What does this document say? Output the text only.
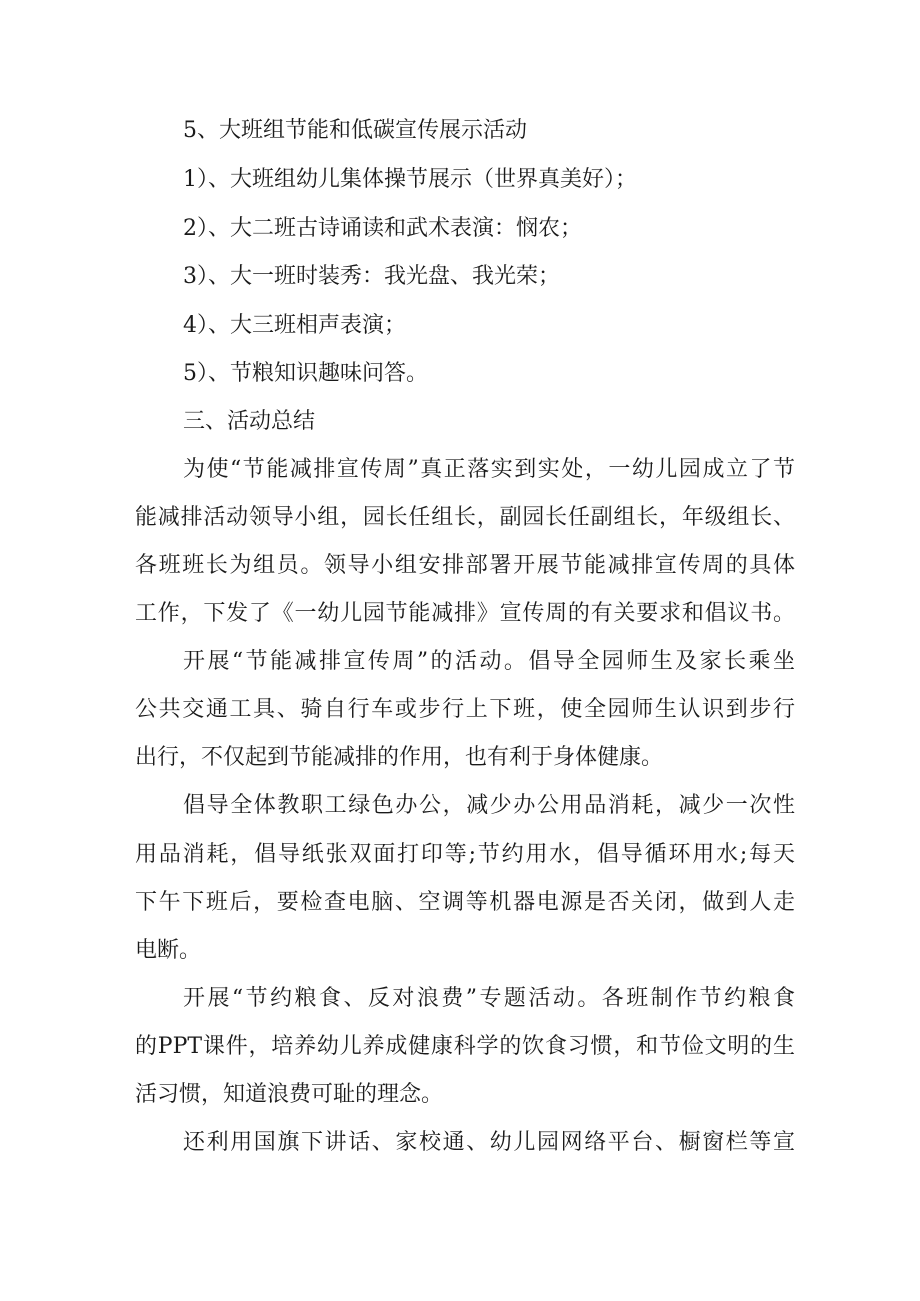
5、大班组节能和低碳宣传展示活动
1）、大班组幼儿集体操节展示（世界真美好）；
2）、大二班古诗诵读和武术表演：悯农；
3）、大一班时装秀：我光盘、我光荣；
4）、大三班相声表演；
5）、节粮知识趣味问答。
三、活动总结
为使“节能减排宣传周”真正落实到实处，一幼儿园成立了节
能减排活动领导小组，园长任组长，副园长任副组长，年级组长、
各班班长为组员。领导小组安排部署开展节能减排宣传周的具体
工作，下发了《一幼儿园节能减排》宣传周的有关要求和倡议书。
开展“节能减排宣传周”的活动。倡导全园师生及家长乘坐
公共交通工具、骑自行车或步行上下班，使全园师生认识到步行
出行，不仅起到节能减排的作用，也有利于身体健康。
倡导全体教职工绿色办公，减少办公用品消耗，减少一次性
用品消耗，倡导纸张双面打印等;节约用水，倡导循环用水;每天
下午下班后，要检查电脑、空调等机器电源是否关闭，做到人走
电断。
开展“节约粮食、反对浪费”专题活动。各班制作节约粮食
的PPT课件，培养幼儿养成健康科学的饮食习惯，和节俭文明的生
活习惯，知道浪费可耻的理念。
还利用国旗下讲话、家校通、幼儿园网络平台、橱窗栏等宣
